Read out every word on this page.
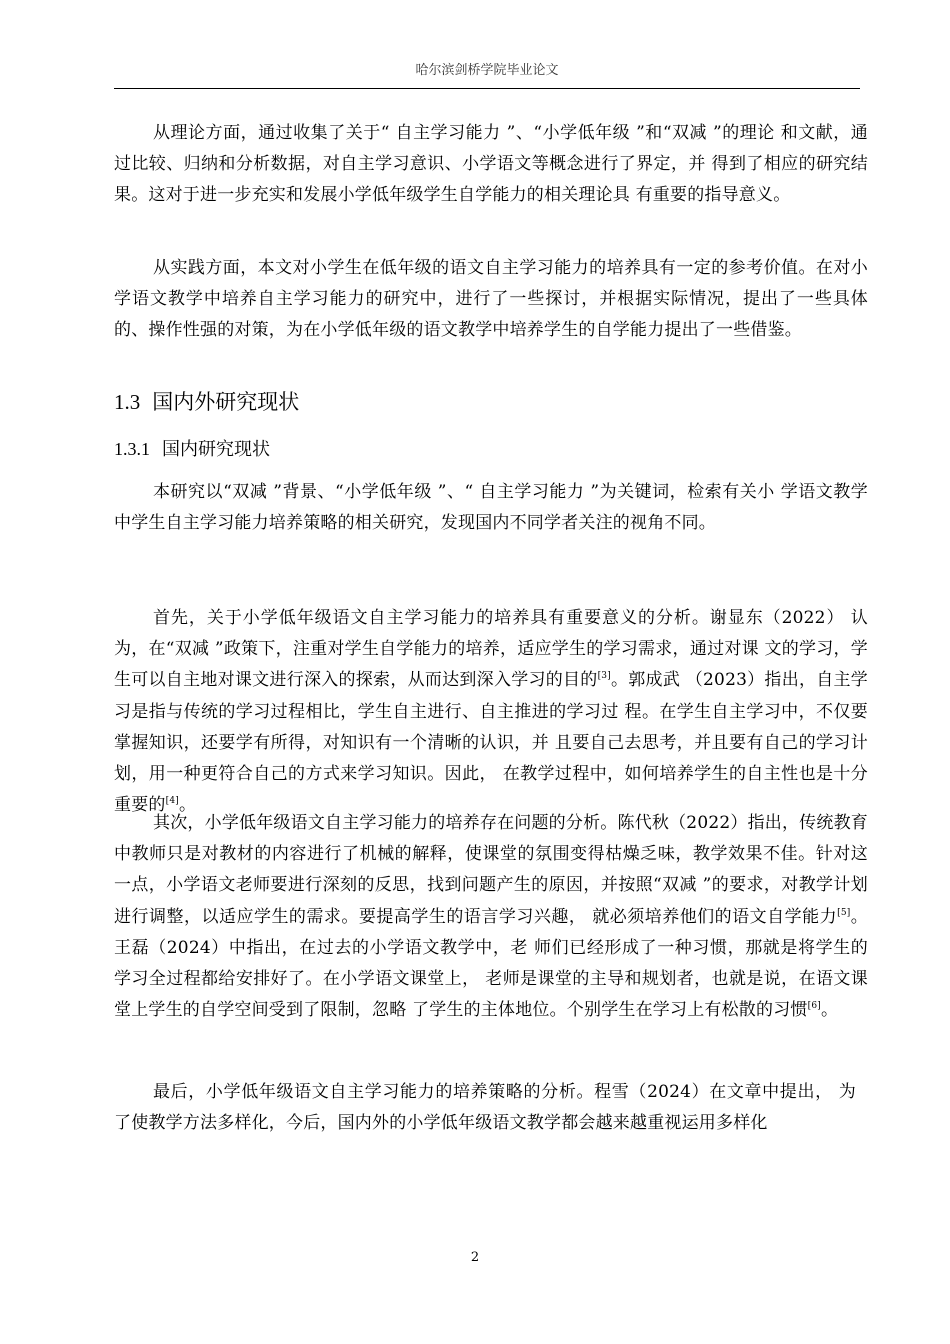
哈尔滨剑桥学院毕业论文

从理论方面，通过收集了关于“ 自主学习能力 ”、“小学低年级 ”和“双减 ”的理论 和文献，通过比较、归纳和分析数据，对自主学习意识、小学语文等概念进行了界定，并 得到了相应的研究结果。这对于进一步充实和发展小学低年级学生自学能力的相关理论具 有重要的指导意义。

从实践方面，本文对小学生在低年级的语文自主学习能力的培养具有一定的参考价值。在对小学语文教学中培养自主学习能力的研究中，进行了一些探讨，并根据实际情况，提出了一些具体的、操作性强的对策，为在小学低年级的语文教学中培养学生的自学能力提出了一些借鉴。

1.3 国内外研究现状
1.3.1 国内研究现状

本研究以“双减 ”背景、“小学低年级 ”、“ 自主学习能力 ”为关键词，检索有关小 学语文教学中学生自主学习能力培养策略的相关研究，发现国内不同学者关注的视角不同。

首先，关于小学低年级语文自主学习能力的培养具有重要意义的分析。谢显东（2022） 认为，在“双减 ”政策下，注重对学生自学能力的培养，适应学生的学习需求，通过对课 文的学习，学生可以自主地对课文进行深入的探索，从而达到深入学习的目的[3]。郭成武 （2023）指出，自主学习是指与传统的学习过程相比，学生自主进行、自主推进的学习过 程。在学生自主学习中，不仅要掌握知识，还要学有所得，对知识有一个清晰的认识，并 且要自己去思考，并且要有自己的学习计划，用一种更符合自己的方式来学习知识。因此， 在教学过程中，如何培养学生的自主性也是十分重要的[4]。

其次，小学低年级语文自主学习能力的培养存在问题的分析。陈代秋（2022）指出，传统教育中教师只是对教材的内容进行了机械的解释，使课堂的氛围变得枯燥乏味，教学效果不佳。针对这一点，小学语文老师要进行深刻的反思，找到问题产生的原因，并按照“双减 ”的要求，对教学计划进行调整，以适应学生的需求。要提高学生的语言学习兴趣， 就必须培养他们的语文自学能力[5]。王磊（2024）中指出，在过去的小学语文教学中，老 师们已经形成了一种习惯，那就是将学生的学习全过程都给安排好了。在小学语文课堂上， 老师是课堂的主导和规划者，也就是说，在语文课堂上学生的自学空间受到了限制，忽略 了学生的主体地位。个别学生在学习上有松散的习惯[6]。

最后，小学低年级语文自主学习能力的培养策略的分析。程雪（2024）在文章中提出， 为了使教学方法多样化，今后，国内外的小学低年级语文教学都会越来越重视运用多样化

2
